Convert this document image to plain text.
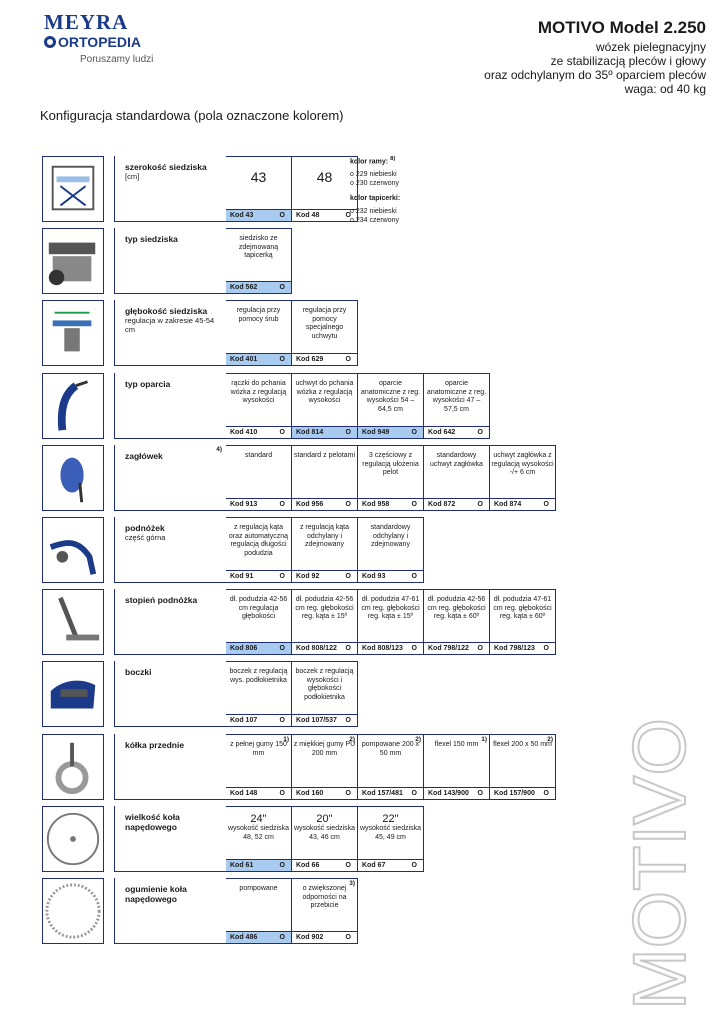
MEYRA
ORTOPEDIA
Poruszamy ludzi
MOTIVO Model 2.250
wózek pielegnacyjny
ze stabilizacją pleców i głowy
oraz odchylanym do 35º oparciem pleców
waga: od 40 kg
Konfiguracja standardowa (pola oznaczone kolorem)
kolor ramy: $^{8)}$
o 229 niebieski
o 230 czerwony
kolor tapicerki:
o 232 niebieski
o 234 czerwony
szerokość siedziska
[cm]	43
Kod 43	O
48
Kod 48	O
typ siedziska	siedzisko ze zdejmowaną tapicerką
Kod 562	O
głębokość siedziska
regulacja w zakresie 45-54 cm
regulacja przy pomocy śrub
Kod 401	O
regulacja przy pomocy specjalnego uchwytu
Kod 629	O
typ oparcia	rączki do pchania wózka z regulacją wysokości
Kod 410	O
uchwyt do pchania wózka z regulacją wysokości
Kod 814	O
oparcie anatomiczne z reg. wysokości 54 – 64,5 cm
Kod 949	O
oparcie anatomiczne z reg. wysokości 47 – 57,5 cm
Kod 642	O
zagłówek
4)
standard
Kod 913	O
standard z pelotami
Kod 956	O
3 częściowy z regulacją ułożenia pelot
Kod 958	O
standardowy uchwyt zagłówka
Kod 872	O
uchwyt zagłówka z regulacją wysokości -/+ 6 cm
Kod 874	O
podnóżek
część górna
z regulacją kąta oraz automatyczną regulacją długości podudzia
Kod 91	O
z regulacją kąta odchylany i zdejmowany
Kod 92	O
standardowy odchylany i zdejmowany
Kod 93	O
stopień podnóżka	dł. podudzia 42-56 cm regulacja głębokości
Kod 806	O
dł. podudzia 42-56 cm reg. głębokości reg. kąta ± 15º
Kod 808/122 O
dł. podudzia 47-61 cm reg. głębokości reg. kąta ± 15º
Kod 808/123 O
dł. podudzia 42-56 cm reg. głębokości reg. kąta ± 60º
Kod 798/122 O
dł. podudzia 47-61 cm reg. głębokości reg. kąta ± 60º
Kod 798/123 O
boczki	boczek z regulacją wys. podłokietnika
Kod 107	O
boczek z regulacją wysokości i głębokości podłokietnika
Kod 107/537 O
kółka przednie
1)
z pełnej gumy 150 mm
Kod 148	O
2)
z miękkiej gumy PU 200 mm
Kod 160	O
2)
pompowane 200 x 50 mm
Kod 157/481 O
1)
flexel 150 mm
Kod 143/900 O
2)
flexel 200 x 50 mm
Kod 157/900 O
wielkość koła napędowego
24"
wysokość siedziska 48, 52 cm
Kod 61	O
20"
wysokość siedziska 43, 46 cm
Kod 66	O
22"
wysokość siedziska 45, 49 cm
Kod 67	O
ogumienie koła napędowego
pompowane
Kod 486	O
3)
o zwiększonej odporności na przebicie
Kod 902	O	MOTIVO
